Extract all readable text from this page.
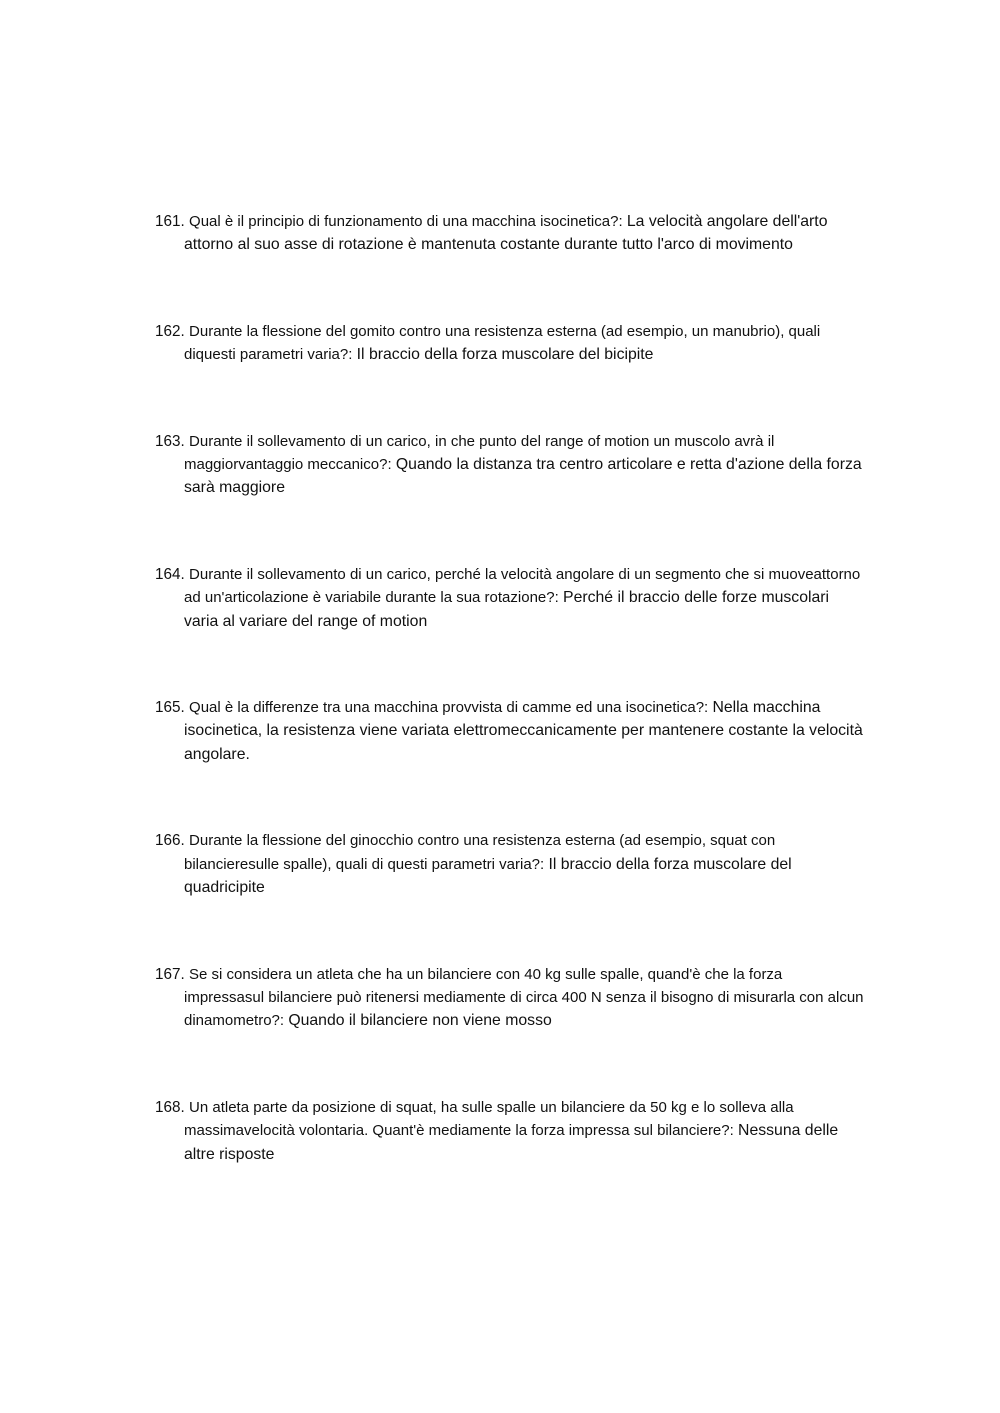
161. Qual è il principio di funzionamento di una macchina isocinetica?: La velocità angolare dell'arto attorno al suo asse di rotazione è mantenuta costante durante tutto l'arco di movimento
162. Durante la flessione del gomito contro una resistenza esterna (ad esempio, un manubrio), quali diquesti parametri varia?: Il braccio della forza muscolare del bicipite
163. Durante il sollevamento di un carico, in che punto del range of motion un muscolo avrà il maggiorvantaggio meccanico?: Quando la distanza tra centro articolare e retta d'azione della forza sarà maggiore
164. Durante il sollevamento di un carico, perché la velocità angolare di un segmento che si muoveattorno ad un'articolazione è variabile durante la sua rotazione?: Perché il braccio delle forze muscolari varia al variare del range of motion
165. Qual è la differenze tra una macchina provvista di camme ed una isocinetica?: Nella macchina isocinetica, la resistenza viene variata elettromeccanicamente per mantenere costante la velocità angolare.
166. Durante la flessione del ginocchio contro una resistenza esterna (ad esempio, squat con bilancieresulle spalle), quali di questi parametri varia?: Il braccio della forza muscolare del quadricipite
167. Se si considera un atleta che ha un bilanciere con 40 kg sulle spalle, quand'è che la forza impressasul bilanciere può ritenersi mediamente di circa 400 N senza il bisogno di misurarla con alcun dinamometro?: Quando il bilanciere non viene mosso
168. Un atleta parte da posizione di squat, ha sulle spalle un bilanciere da 50 kg e lo solleva alla massimavelocità volontaria. Quant'è mediamente la forza impressa sul bilanciere?: Nessuna delle altre risposte
